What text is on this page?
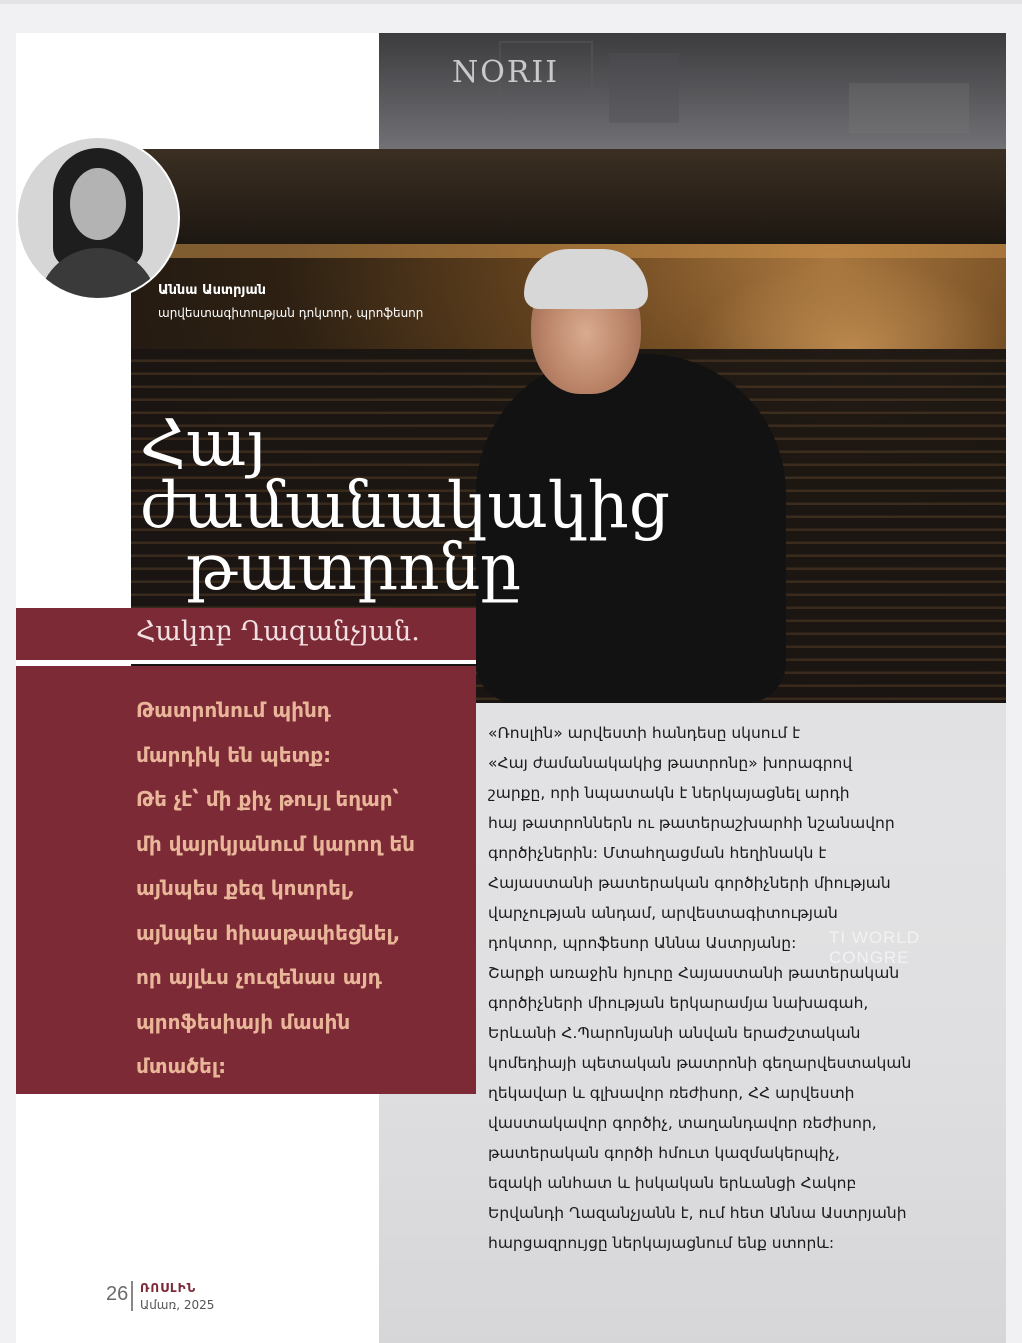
NORII
TI WORLD CONGRE
Հայ
ժամանակակից
թատրոնը
Աննա Աստրյան
արվեստագիտության դոկտոր, պրոֆեսոր
Հակոբ Ղազանչյան.

Թատրոնում պինդ
մարդիկ են պետք:
Թե չէ՝ մի քիչ թույլ եղար՝
մի վայրկյանում կարող են
այնպես քեզ կոտրել,
այնպես հիասթափեցնել,
որ այլևս չուզենաս այդ
պրոֆեսիայի մասին
մտածել:

«Ռոսլին» արվեստի հանդեսը սկսում է
«Հայ ժամանակակից թատրոնը» խորագրով
շարքը, որի նպատակն է ներկայացնել արդի
հայ թատրոններն ու թատերաշխարհի նշանավոր
գործիչներին: Մտահղացման հեղինակն է
Հայաստանի թատերական գործիչների միության
վարչության անդամ, արվեստագիտության
դոկտոր, պրոֆեսոր Աննա Աստրյանը:
Շարքի առաջին հյուրը Հայաստանի թատերական
գործիչների միության երկարամյա նախագահ,
Երևանի Հ.Պարոնյանի անվան երաժշտական
կոմեդիայի պետական թատրոնի գեղարվեստական
ղեկավար և գլխավոր ռեժիսոր, ՀՀ արվեստի
վաստակավոր գործիչ, տաղանդավոր ռեժիսոր,
թատերական գործի հմուտ կազմակերպիչ,
եզակի անհատ և իսկական երևանցի Հակոբ
Երվանդի Ղազանչյանն է, ում հետ Աննա Աստրյանի
հարցազրույցը ներկայացնում ենք ստորև:
26 ՌՈՍԼԻՆ
Ամառ, 2025
